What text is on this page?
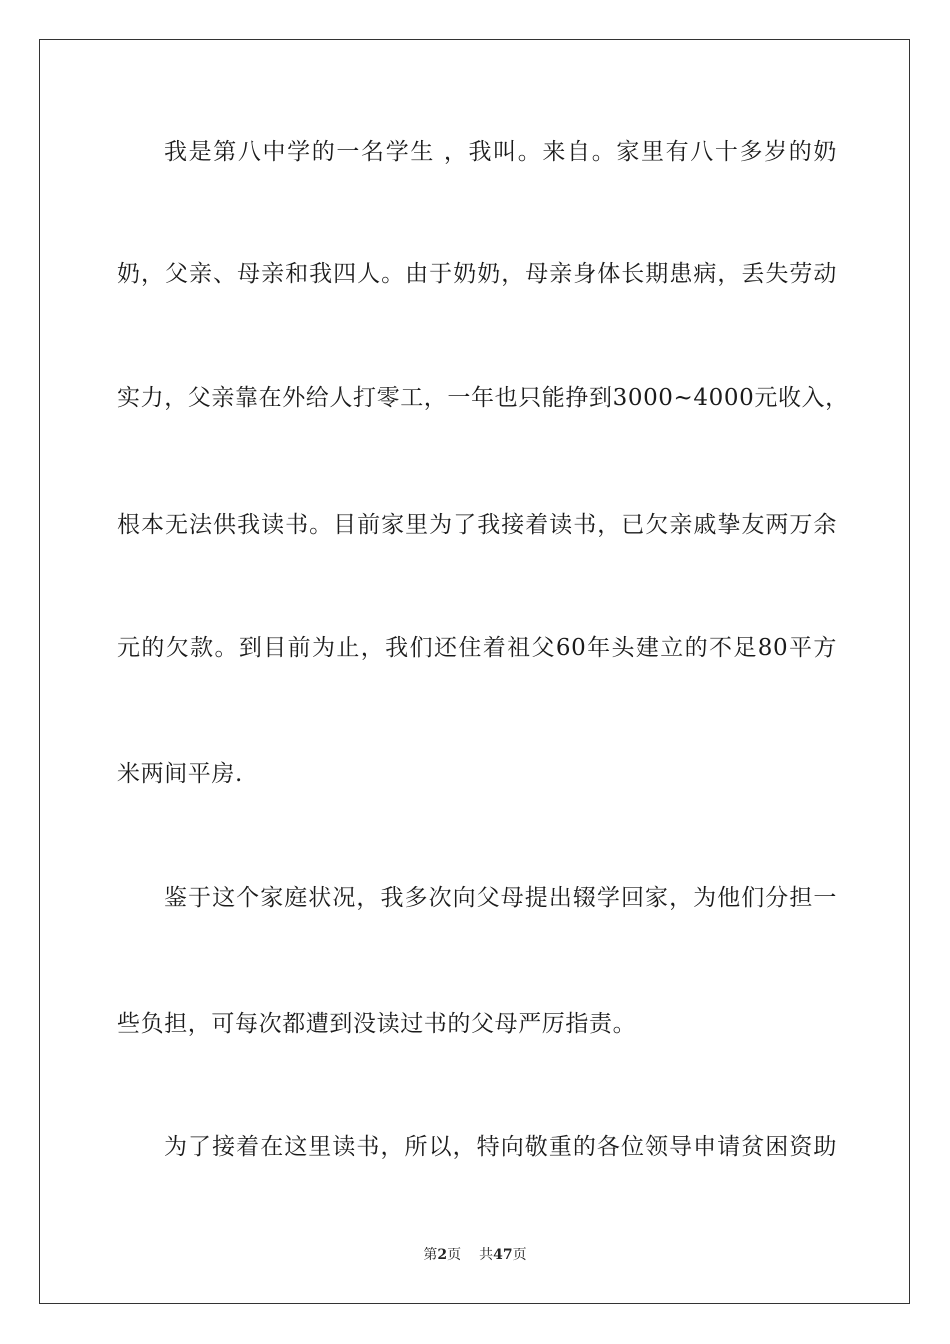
我是第八中学的一名学生 ，我叫。来自。家里有八十多岁的奶
奶，父亲、母亲和我四人。由于奶奶，母亲身体长期患病，丢失劳动
实力，父亲靠在外给人打零工，一年也只能挣到3000~4000元收入，
根本无法供我读书。目前家里为了我接着读书，已欠亲戚挚友两万余
元的欠款。到目前为止，我们还住着祖父60年头建立的不足80平方
米两间平房.
鉴于这个家庭状况，我多次向父母提出辍学回家，为他们分担一
些负担，可每次都遭到没读过书的父母严厉指责。
为了接着在这里读书，所以，特向敬重的各位领导申请贫困资助
第2页 共47页
